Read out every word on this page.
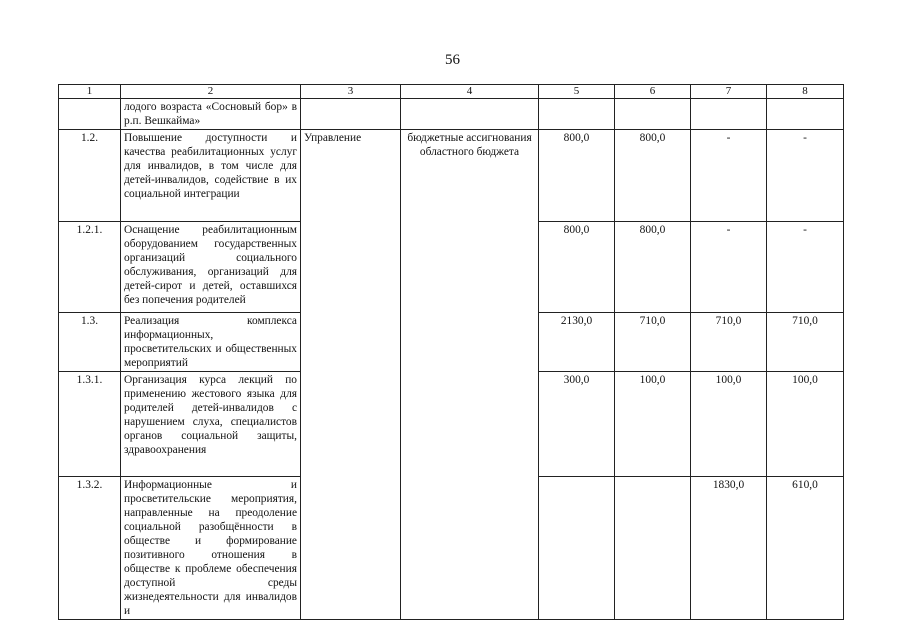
56
1	2	3	4	5	6	7	8	
	лодого возраста «Сосновый бор» в р.п. Вешкайма»							
1.2.	Повышение доступности и качества реабилитационных услуг для инвалидов, в том числе для детей-инвалидов, содействие в их социальной интеграции	Управление	бюджетные ассигнования областного бюджета	800,0	800,0	-	-	
1.2.1.	Оснащение реабилитационным оборудованием государственных организаций социального обслуживания, организаций для детей-сирот и детей, оставшихся без попечения родителей			800,0	800,0	-	-	
1.3.	Реализация комплекса информационных, просветительских и общественных мероприятий			2130,0	710,0	710,0	710,0	
1.3.1.	Организация курса лекций по применению жестового языка для родителей детей-инвалидов с нарушением слуха, специалистов органов социальной защиты, здравоохранения			300,0	100,0	100,0	100,0	
1.3.2.	Информационные и просветительские мероприятия, направленные на преодоление социальной разобщённости в обществе и формирование позитивного отношения в обществе к проблеме обеспечения доступной среды жизнедеятельности для инвалидов и					1830,0	610,0		
